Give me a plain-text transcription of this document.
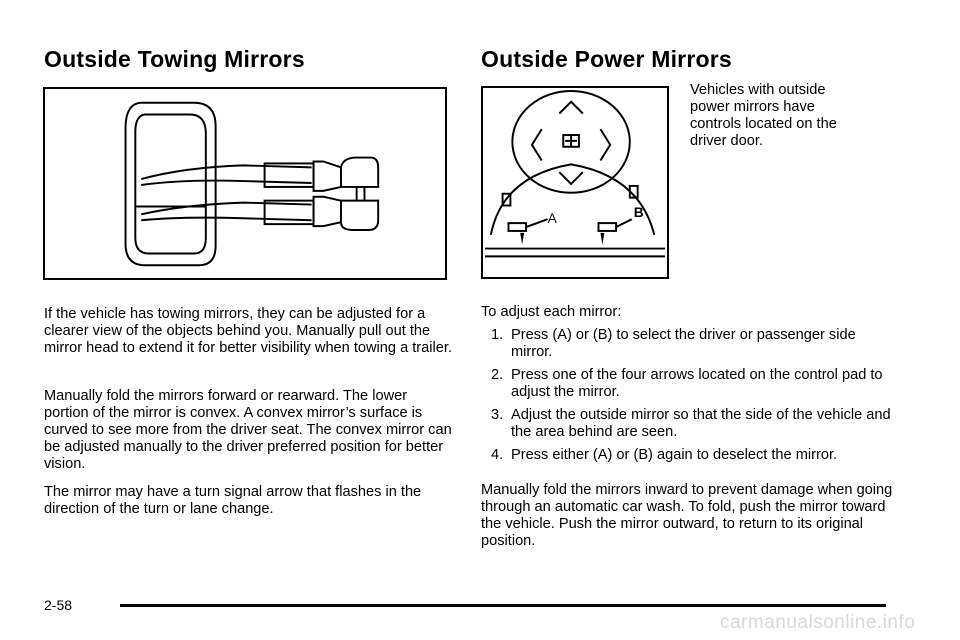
Outside Towing Mirrors

If the vehicle has towing mirrors, they can be adjusted for a clearer view of the objects behind you. Manually pull out the mirror head to extend it for better visibility when towing a trailer.

Manually fold the mirrors forward or rearward. The lower portion of the mirror is convex. A convex mirror’s surface is curved to see more from the driver seat. The convex mirror can be adjusted manually to the driver preferred position for better vision.

The mirror may have a turn signal arrow that flashes in the direction of the turn or lane change.

Outside Power Mirrors
A	B

Vehicles with outside power mirrors have controls located on the driver door.

To adjust each mirror:

1. Press (A) or (B) to select the driver or passenger side mirror.
2. Press one of the four arrows located on the control pad to adjust the mirror.
3. Adjust the outside mirror so that the side of the vehicle and the area behind are seen.
4. Press either (A) or (B) again to deselect the mirror.

Manually fold the mirrors inward to prevent damage when going through an automatic car wash. To fold, push the mirror toward the vehicle. Push the mirror outward, to return to its original position.

2-58
carmanualsonline.info
